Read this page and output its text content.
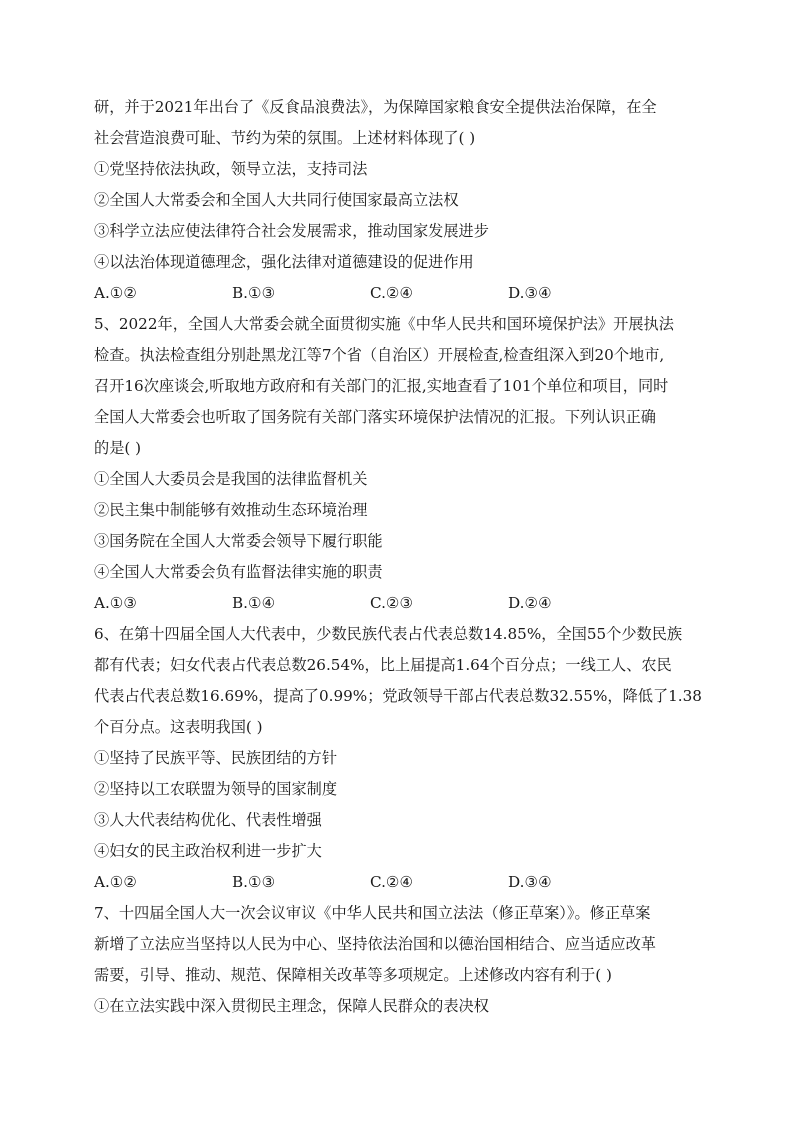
研，并于2021年出台了《反食品浪费法》，为保障国家粮食安全提供法治保障，在全
社会营造浪费可耻、节约为荣的氛围。上述材料体现了( )
①党坚持依法执政，领导立法，支持司法
②全国人大常委会和全国人大共同行使国家最高立法权
③科学立法应使法律符合社会发展需求，推动国家发展进步
④以法治体现道德理念，强化法律对道德建设的促进作用
A.①②	B.①③	C.②④	D.③④
5、2022年，全国人大常委会就全面贯彻实施《中华人民共和国环境保护法》开展执法
检查。执法检查组分别赴黑龙江等7个省（自治区）开展检查,检查组深入到20个地市,
召开16次座谈会,听取地方政府和有关部门的汇报,实地查看了101个单位和项目，同时
全国人大常委会也听取了国务院有关部门落实环境保护法情况的汇报。下列认识正确
的是( )
①全国人大委员会是我国的法律监督机关
②民主集中制能够有效推动生态环境治理
③国务院在全国人大常委会领导下履行职能
④全国人大常委会负有监督法律实施的职责
A.①③	B.①④	C.②③	D.②④
6、在第十四届全国人大代表中，少数民族代表占代表总数14.85%，全国55个少数民族
都有代表；妇女代表占代表总数26.54%，比上届提高1.64个百分点；一线工人、农民
代表占代表总数16.69%，提高了0.99%；党政领导干部占代表总数32.55%，降低了1.38
个百分点。这表明我国( )
①坚持了民族平等、民族团结的方针
②坚持以工农联盟为领导的国家制度
③人大代表结构优化、代表性增强
④妇女的民主政治权利进一步扩大
A.①②	B.①③	C.②④	D.③④
7、十四届全国人大一次会议审议《中华人民共和国立法法（修正草案）》。修正草案
新增了立法应当坚持以人民为中心、坚持依法治国和以德治国相结合、应当适应改革
需要，引导、推动、规范、保障相关改革等多项规定。上述修改内容有利于( )
①在立法实践中深入贯彻民主理念，保障人民群众的表决权
